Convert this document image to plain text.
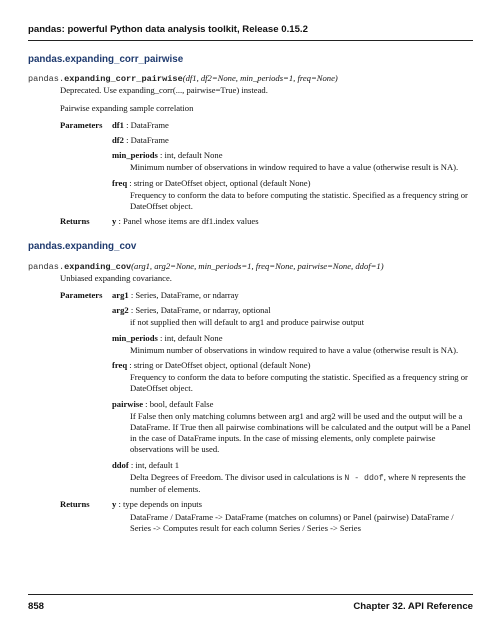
pandas: powerful Python data analysis toolkit, Release 0.15.2
pandas.expanding_corr_pairwise

pandas.expanding_corr_pairwise(df1, df2=None, min_periods=1, freq=None)

Deprecated. Use expanding_corr(..., pairwise=True) instead.

Pairwise expanding sample correlation

Parameters	df1 : DataFrame

df2 : DataFrame

min_periods : int, default None

Minimum number of observations in window required to have a value (otherwise result is NA).

freq : string or DateOffset object, optional (default None)

Frequency to conform the data to before computing the statistic. Specified as a frequency string or DateOffset object.

Returns	y : Panel whose items are df1.index values

pandas.expanding_cov

pandas.expanding_cov(arg1, arg2=None, min_periods=1, freq=None, pairwise=None, ddof=1)

Unbiased expanding covariance.

Parameters	arg1 : Series, DataFrame, or ndarray

arg2 : Series, DataFrame, or ndarray, optional

if not supplied then will default to arg1 and produce pairwise output

min_periods : int, default None

Minimum number of observations in window required to have a value (otherwise result is NA).

freq : string or DateOffset object, optional (default None)

Frequency to conform the data to before computing the statistic. Specified as a frequency string or DateOffset object.

pairwise : bool, default False

If False then only matching columns between arg1 and arg2 will be used and the output will be a DataFrame. If True then all pairwise combinations will be calculated and the output will be a Panel in the case of DataFrame inputs. In the case of missing elements, only complete pairwise observations will be used.

ddof : int, default 1

Delta Degrees of Freedom. The divisor used in calculations is N - ddof, where N represents the number of elements.

Returns	y : type depends on inputs

DataFrame / DataFrame -> DataFrame (matches on columns) or Panel (pairwise) DataFrame / Series -> Computes result for each column Series / Series -> Series

858	Chapter 32. API Reference
